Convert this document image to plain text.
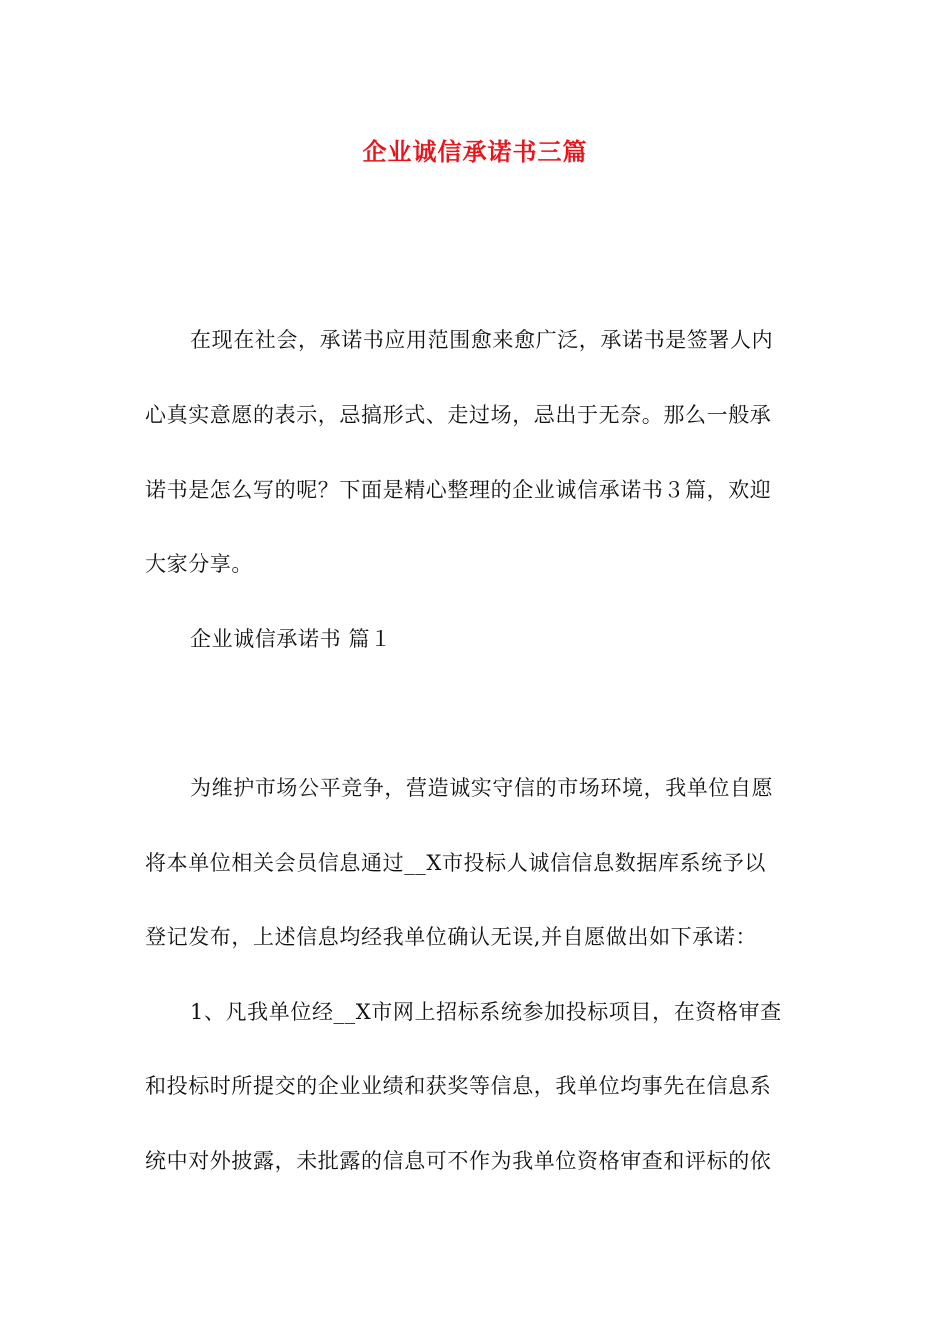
企业诚信承诺书三篇
在现在社会，承诺书应用范围愈来愈广泛，承诺书是签署人内
心真实意愿的表示，忌搞形式、走过场，忌出于无奈。那么一般承
诺书是怎么写的呢？下面是精心整理的企业诚信承诺书３篇，欢迎
大家分享。
企业诚信承诺书 篇１
为维护市场公平竞争，营造诚实守信的市场环境，我单位自愿
将本单位相关会员信息通过__X市投标人诚信信息数据库系统予以
登记发布，上述信息均经我单位确认无误,并自愿做出如下承诺：
1、凡我单位经__X市网上招标系统参加投标项目，在资格审查
和投标时所提交的企业业绩和获奖等信息，我单位均事先在信息系
统中对外披露，未批露的信息可不作为我单位资格审查和评标的依
